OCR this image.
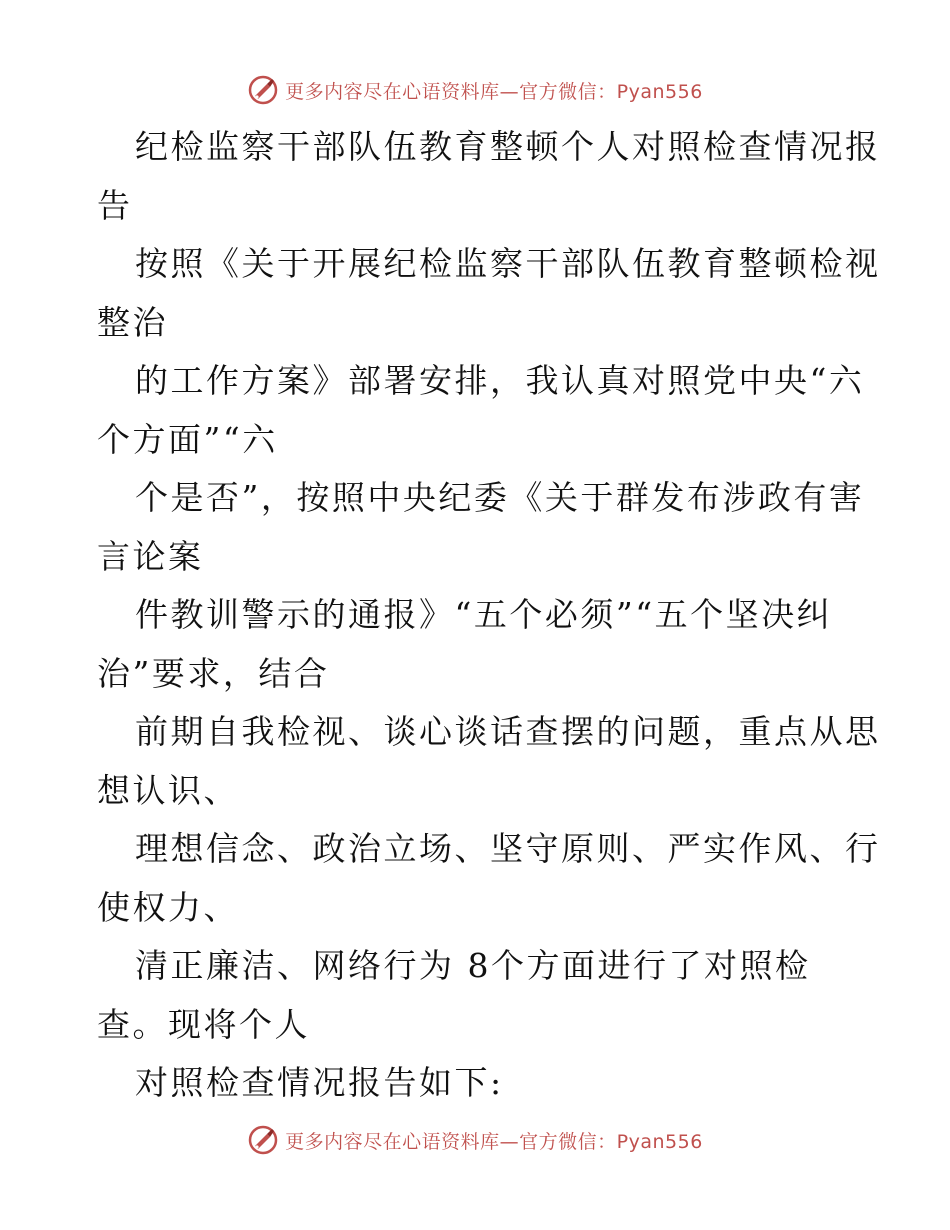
更多内容尽在心语资料库—官方微信：Pyan556
纪检监察干部队伍教育整顿个人对照检查情况报
告
按照《关于开展纪检监察干部队伍教育整顿检视
整治
的工作方案》部署安排，我认真对照党中央“六
个方面”“六
个是否”，按照中央纪委《关于群发布涉政有害
言论案
件教训警示的通报》“五个必须”“五个坚决纠
治”要求，结合
前期自我检视、谈心谈话查摆的问题，重点从思
想认识、
理想信念、政治立场、坚守原则、严实作风、行
使权力、
清正廉洁、网络行为 8个方面进行了对照检
查。现将个人
对照检查情况报告如下:
更多内容尽在心语资料库—官方微信：Pyan556
